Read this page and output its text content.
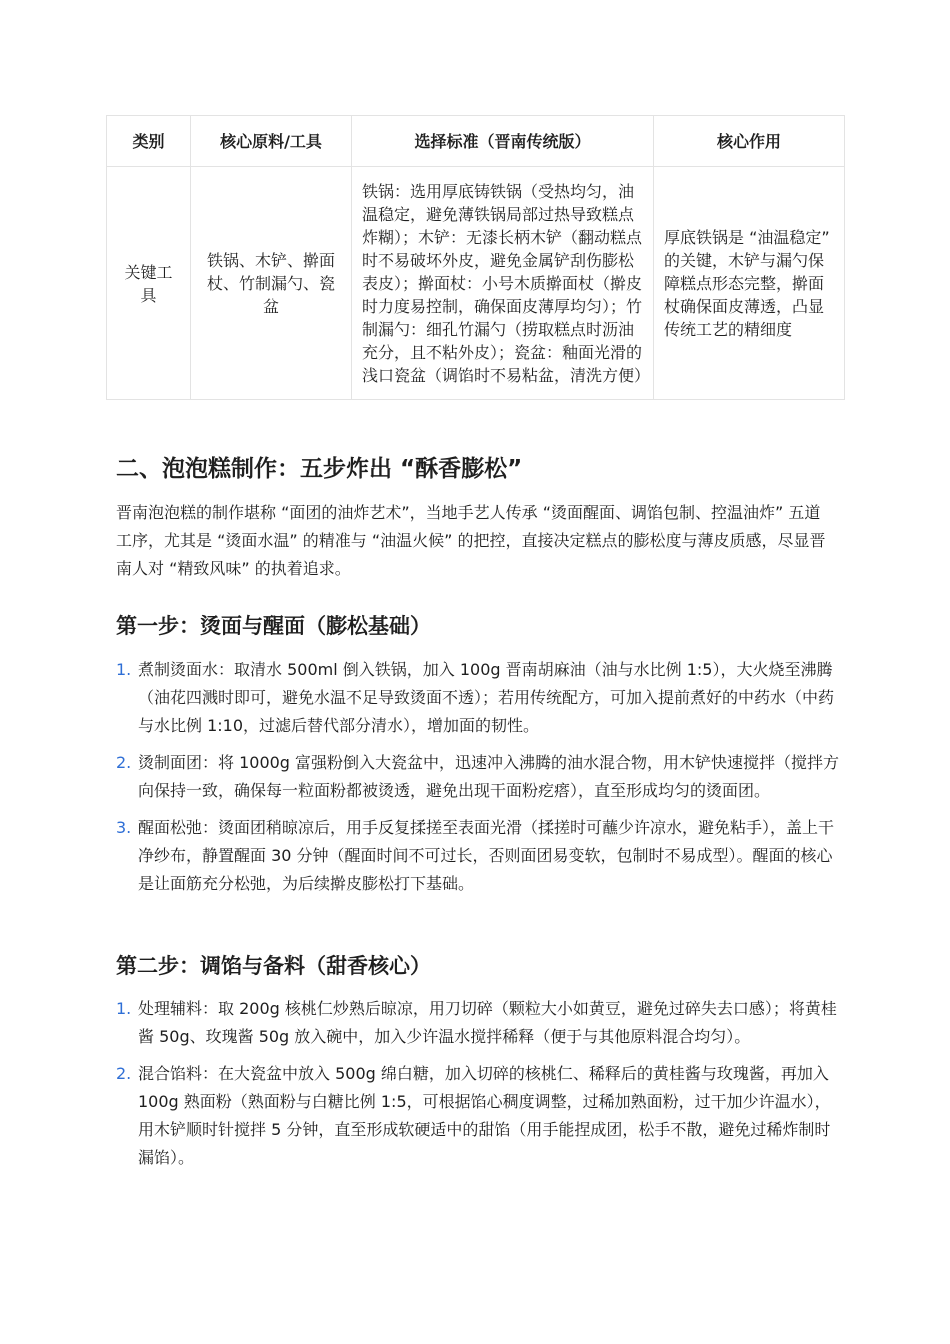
类别	核心原料/工具	选择标准（晋南传统版）	核心作用
关键工具	铁锅、木铲、擀面杖、竹制漏勺、瓷盆	铁锅：选用厚底铸铁锅（受热均匀，油温稳定，避免薄铁锅局部过热导致糕点炸糊）；木铲：无漆长柄木铲（翻动糕点时不易破坏外皮，避免金属铲刮伤膨松表皮）；擀面杖：小号木质擀面杖（擀皮时力度易控制，确保面皮薄厚均匀）；竹制漏勺：细孔竹漏勺（捞取糕点时沥油充分，且不粘外皮）；瓷盆：釉面光滑的浅口瓷盆（调馅时不易粘盆，清洗方便）	厚底铁锅是 “油温稳定” 的关键，木铲与漏勺保障糕点形态完整，擀面杖确保面皮薄透，凸显传统工艺的精细度
二、泡泡糕制作：五步炸出 “酥香膨松”

晋南泡泡糕的制作堪称 “面团的油炸艺术”，当地手艺人传承 “烫面醒面、调馅包制、控温油炸” 五道工序，尤其是 “烫面水温” 的精准与 “油温火候” 的把控，直接决定糕点的膨松度与薄皮质感，尽显晋南人对 “精致风味” 的执着追求。

第一步：烫面与醒面（膨松基础）
1. 煮制烫面水：取清水 500ml 倒入铁锅，加入 100g 晋南胡麻油（油与水比例 1:5），大火烧至沸腾（油花四溅时即可，避免水温不足导致烫面不透）；若用传统配方，可加入提前煮好的中药水（中药与水比例 1:10，过滤后替代部分清水），增加面的韧性。
2. 烫制面团：将 1000g 富强粉倒入大瓷盆中，迅速冲入沸腾的油水混合物，用木铲快速搅拌（搅拌方向保持一致，确保每一粒面粉都被烫透，避免出现干面粉疙瘩），直至形成均匀的烫面团。
3. 醒面松弛：烫面团稍晾凉后，用手反复揉搓至表面光滑（揉搓时可蘸少许凉水，避免粘手），盖上干净纱布，静置醒面 30 分钟（醒面时间不可过长，否则面团易变软，包制时不易成型）。醒面的核心是让面筋充分松弛，为后续擀皮膨松打下基础。
第二步：调馅与备料（甜香核心）
1. 处理辅料：取 200g 核桃仁炒熟后晾凉，用刀切碎（颗粒大小如黄豆，避免过碎失去口感）；将黄桂酱 50g、玫瑰酱 50g 放入碗中，加入少许温水搅拌稀释（便于与其他原料混合均匀）。
2. 混合馅料：在大瓷盆中放入 500g 绵白糖，加入切碎的核桃仁、稀释后的黄桂酱与玫瑰酱，再加入 100g 熟面粉（熟面粉与白糖比例 1:5，可根据馅心稠度调整，过稀加熟面粉，过干加少许温水），用木铲顺时针搅拌 5 分钟，直至形成软硬适中的甜馅（用手能捏成团，松手不散，避免过稀炸制时漏馅）。
